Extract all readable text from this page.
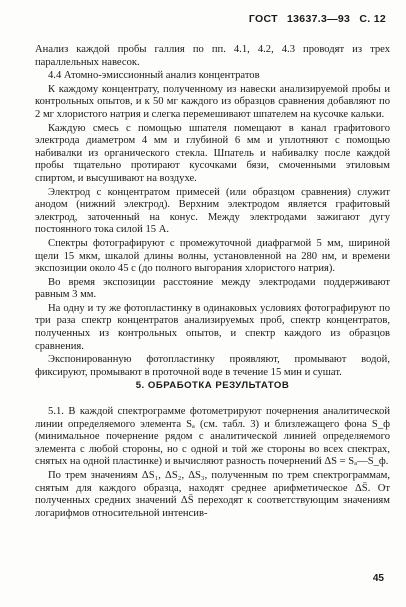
ГОСТ 13637.3—93 С. 12

Анализ каждой пробы галлия по пп. 4.1, 4.2, 4.3 проводят из трех параллельных навесок.

4.4 Атомно-эмиссионный анализ концентратов

К каждому концентрату, полученному из навески анализируемой пробы и контрольных опытов, и к 50 мг каждого из образцов сравнения добавляют по 2 мг хлористого натрия и слегка перемешивают шпателем на кусочке кальки.

Каждую смесь с помощью шпателя помещают в канал графитового электрода диаметром 4 мм и глубиной 6 мм и уплотняют с помощью набивалки из органического стекла. Шпатель и набивалку после каждой пробы тщательно протирают кусочками бязи, смоченными этиловым спиртом, и высушивают на воздухе.

Электрод с концентратом примесей (или образцом сравнения) служит анодом (нижний электрод). Верхним электродом является графитовый электрод, заточенный на конус. Между электродами зажигают дугу постоянного тока силой 15 А.

Спектры фотографируют с промежуточной диафрагмой 5 мм, шириной щели 15 мкм, шкалой длины волны, установленной на 280 нм, и времени экспозиции около 45 с (до полного выгорания хлористого натрия).

Во время экспозиции расстояние между электродами поддерживают равным 3 мм.

На одну и ту же фотопластинку в одинаковых условиях фотографируют по три раза спектр концентратов анализируемых проб, спектр концентратов, полученных из контрольных опытов, и спектр каждого из образцов сравнения.

Экспонированную фотопластинку проявляют, промывают водой, фиксируют, промывают в проточной воде в течение 15 мин и сушат.

5. ОБРАБОТКА РЕЗУЛЬТАТОВ

5.1. В каждой спектрограмме фотометрируют почернения аналитической линии определяемого элемента Sₐ (см. табл. 3) и близлежащего фона S_ф (минимальное почернение рядом с аналитической линией определяемого элемента с любой стороны, но с одной и той же стороны во всех спектрах, снятых на одной пластинке) и вычисляют разность почернений ΔS = Sₐ—S_ф.

По трем значениям ΔS₁, ΔS₂, ΔS₃, полученным по трем спектрограммам, снятым для каждого образца, находят среднее арифметическое ΔS̄. От полученных средних значений ΔS̄ переходят к соответствующим значениям логарифмов относительной интенсив-

45
